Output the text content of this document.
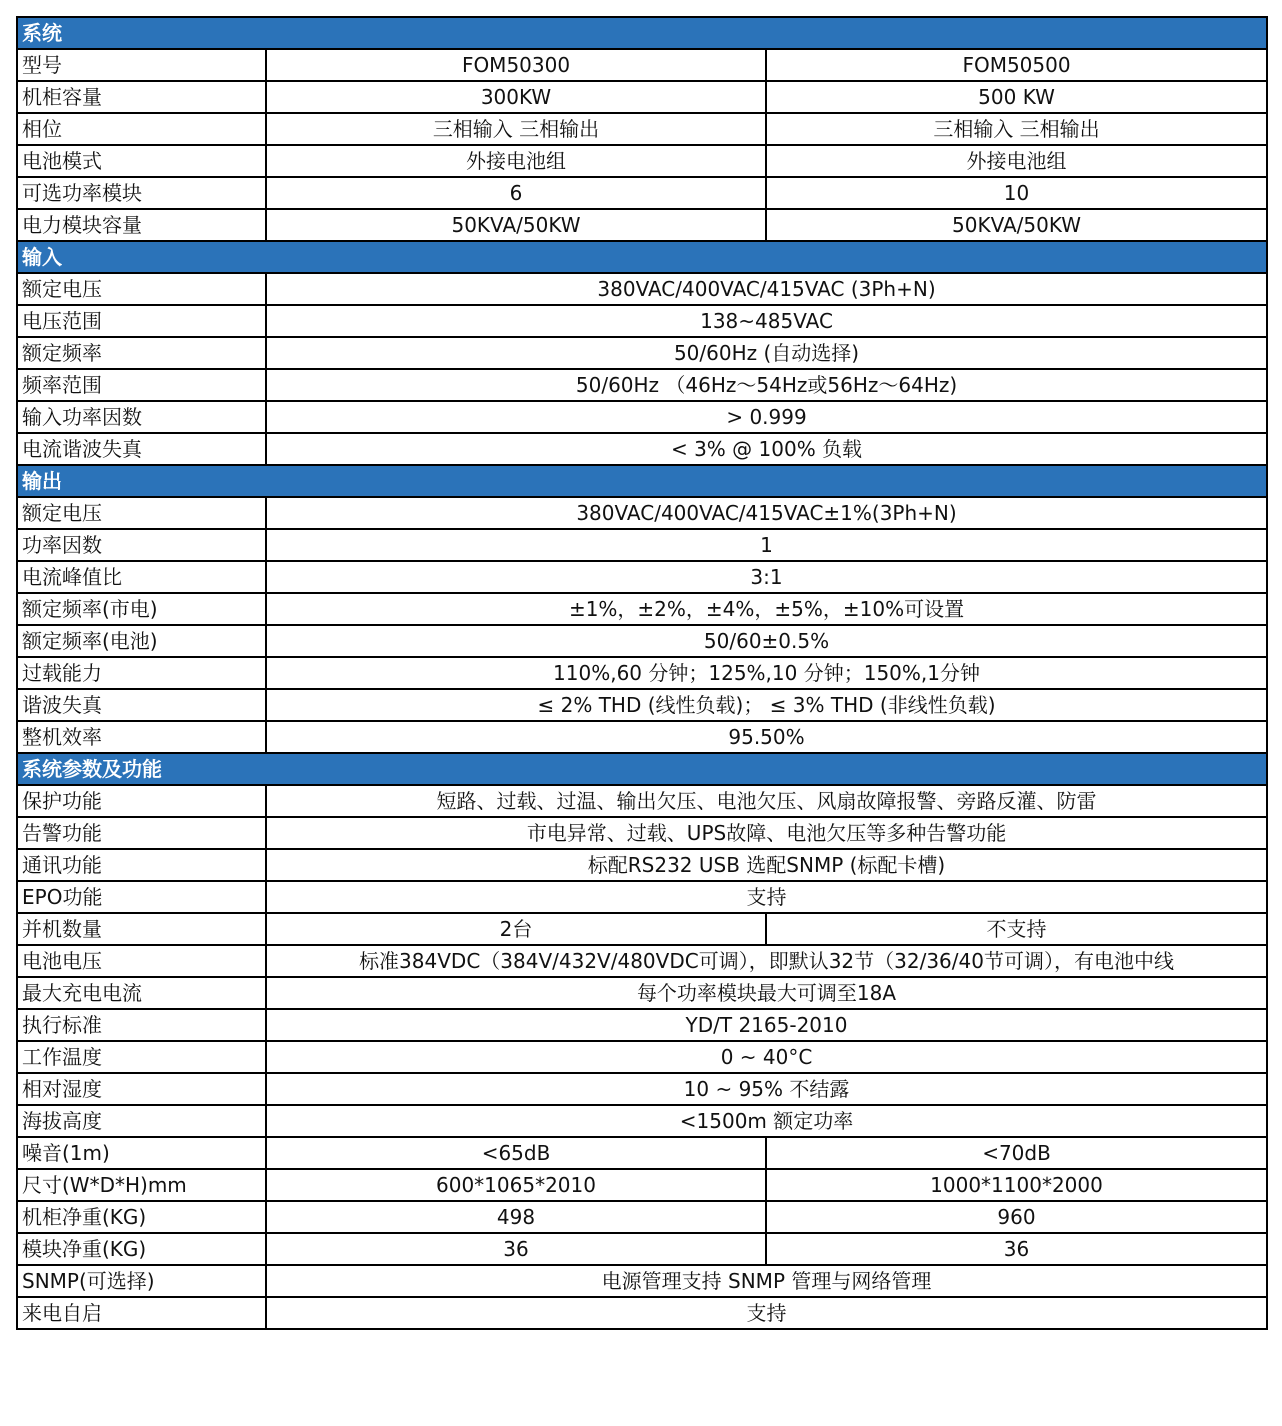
系统		
型号	FOM50300	FOM50500
机柜容量	300KW	500 KW
相位	三相输入 三相输出	三相输入 三相输出
电池模式	外接电池组	外接电池组
可选功率模块	6	10
电力模块容量	50KVA/50KW	50KVA/50KW
输入		
额定电压	380VAC/400VAC/415VAC (3Ph+N)	
电压范围	138~485VAC	
额定频率	50/60Hz (自动选择)	
频率范围	50/60Hz （46Hz～54Hz或56Hz～64Hz)	
输入功率因数	> 0.999	
电流谐波失真	< 3% @ 100% 负载	
输出		
额定电压	380VAC/400VAC/415VAC±1%(3Ph+N)	
功率因数	1	
电流峰值比	3:1	
额定频率(市电)	±1%，±2%，±4%，±5%，±10%可设置	
额定频率(电池)	50/60±0.5%	
过载能力	110%,60 分钟；125%,10 分钟；150%,1分钟	
谐波失真	≤ 2% THD (线性负载)； ≤ 3% THD (非线性负载)	
整机效率	95.50%	
系统参数及功能		
保护功能	短路、过载、过温、输出欠压、电池欠压、风扇故障报警、旁路反灌、防雷	
告警功能	市电异常、过载、UPS故障、电池欠压等多种告警功能	
通讯功能	标配RS232 USB 选配SNMP (标配卡槽)	
EPO功能	支持	
并机数量	2台	不支持
电池电压	标准384VDC（384V/432V/480VDC可调），即默认32节（32/36/40节可调），有电池中线	
最大充电电流	每个功率模块最大可调至18A	
执行标准	YD/T 2165-2010	
工作温度	0 ~ 40°C	
相对湿度	10 ~ 95% 不结露	
海拔高度	<1500m 额定功率	
噪音(1m)	<65dB	<70dB
尺寸(W*D*H)mm	600*1065*2010	1000*1100*2000
机柜净重(KG)	498	960
模块净重(KG)	36	36
SNMP(可选择)	电源管理支持 SNMP 管理与网络管理	
来电自启	支持	
